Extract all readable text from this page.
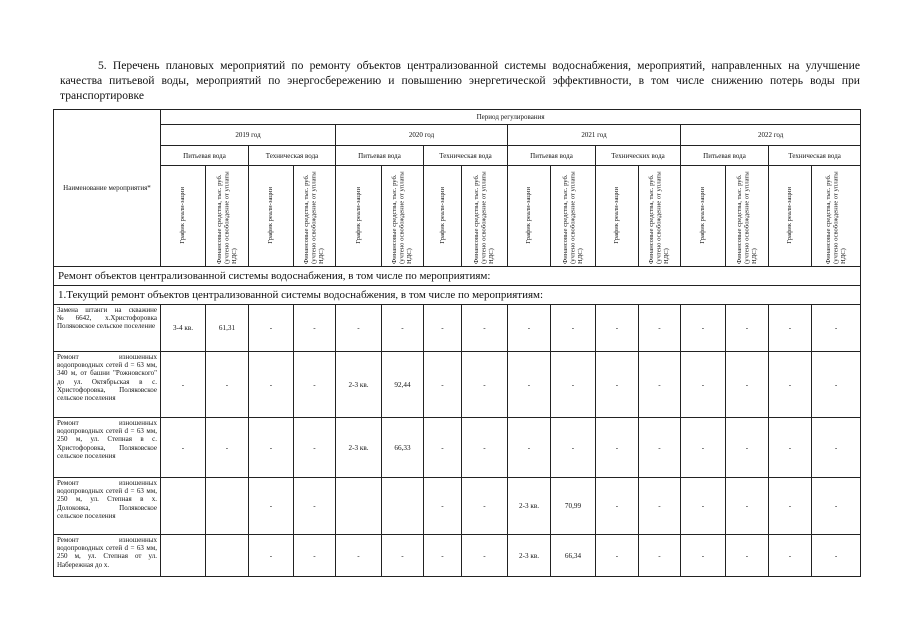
5. Перечень плановых мероприятий по ремонту объектов централизованной системы водоснабжения, мероприятий, направленных на улучшение качества питьевой воды, мероприятий по энергосбережению и повышению энергетической эффективности, в том числе снижению потерь воды при транспортировке
Наименование мероприятия*	Период регулирования															
	2019 год				2020 год				2021 год				2022 год			
	Питьевая вода		Техническая вода		Питьевая вода		Техническая вода		Питьевая вода		Технических вода		Питьевая вода		Техническая вода	
	График реали-зации	Финансовые средства, тыс. руб. (учтено освобождение от уплаты НДС)	График реали-зации	Финансовые средства, тыс. руб. (учтено освобождение от уплаты НДС)	График реали-зации	Финансовые средства, тыс. руб. (учтено освобождение от уплаты НДС)	График реали-зации	Финансовые средства, тыс. руб. (учтено освобождение от уплаты НДС)	График реали-зации	Финансовые средства, тыс. руб. (учтено освобождение от уплаты НДС)	График реали-зации	Финансовые средства, тыс. руб. (учтено освобождение от уплаты НДС)	График реали-зации	Финансовые средства, тыс. руб. (учтено освобождение от уплаты НДС)	График реали-зации	Финансовые средства, тыс. руб. (учтено освобождение от уплаты НДС)
Ремонт объектов централизованной системы водоснабжения, в том числе по мероприятиям:																
1.Текущий ремонт объектов централизованной системы водоснабжения, в том числе по мероприятиям:																
Замена штанги на скважине №6642, х.Христофоровка Поляковское сельское поселение	3-4 кв.	61,31	-	-	-	-	-	-	-	-	-	-	-	-	-	-
Ремонт изношенных водопроводных сетей d = 63 мм, 340 м, от башни "Рожновского" до ул. Октябрьская в с. Христофоровка, Поляковское сельское поселения	-	-	-	-	2-3 кв.	92,44	-	-	-	-	-	-	-	-	-	-
Ремонт изношенных водопроводных сетей d = 63 мм, 250 м, ул. Степная в с. Христофоровка, Поляковское сельское поселения	-	-	-	-	2-3 кв.	66,33	-	-	-	-	-	-	-	-	-	-
Ремонт изношенных водопроводных сетей d = 63 мм, 250 м, ул. Степная в х. Долоковка, Поляковское сельское поселения			-	-			-	-	2-3 кв.	70,99	-	-	-	-	-	-
Ремонт изношенных водопроводных сетей d = 63 мм, 250 м, ул. Степная от ул. Набережная до х.			-	-	-	-	-	-	2-3 кв.	66,34	-	-	-	-	-	-
